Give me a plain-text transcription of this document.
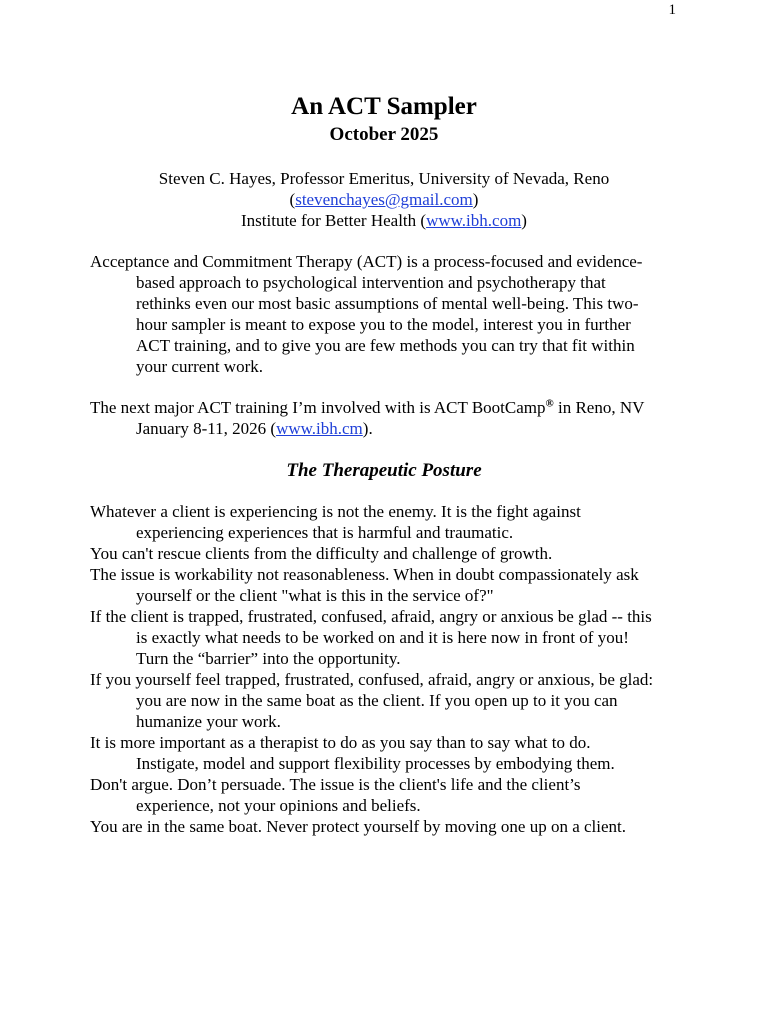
1
An ACT Sampler
October 2025
Steven C. Hayes, Professor Emeritus, University of Nevada, Reno
(stevenchayes@gmail.com)
Institute for Better Health (www.ibh.com)
Acceptance and Commitment Therapy (ACT) is a process-focused and evidence-
based approach to psychological intervention and psychotherapy that
rethinks even our most basic assumptions of mental well-being. This two-
hour sampler is meant to expose you to the model, interest you in further
ACT training, and to give you are few methods you can try that fit within
your current work.
The next major ACT training I’m involved with is ACT BootCamp® in Reno, NV
January 8-11, 2026 (www.ibh.cm).
The Therapeutic Posture
Whatever a client is experiencing is not the enemy. It is the fight against
experiencing experiences that is harmful and traumatic.
You can't rescue clients from the difficulty and challenge of growth.
The issue is workability not reasonableness. When in doubt compassionately ask
yourself or the client "what is this in the service of?"
If the client is trapped, frustrated, confused, afraid, angry or anxious be glad -- this
is exactly what needs to be worked on and it is here now in front of you!
Turn the “barrier” into the opportunity.
If you yourself feel trapped, frustrated, confused, afraid, angry or anxious, be glad:
you are now in the same boat as the client. If you open up to it you can
humanize your work.
It is more important as a therapist to do as you say than to say what to do.
Instigate, model and support flexibility processes by embodying them.
Don't argue. Don’t persuade. The issue is the client's life and the client’s
experience, not your opinions and beliefs.
You are in the same boat. Never protect yourself by moving one up on a client.
